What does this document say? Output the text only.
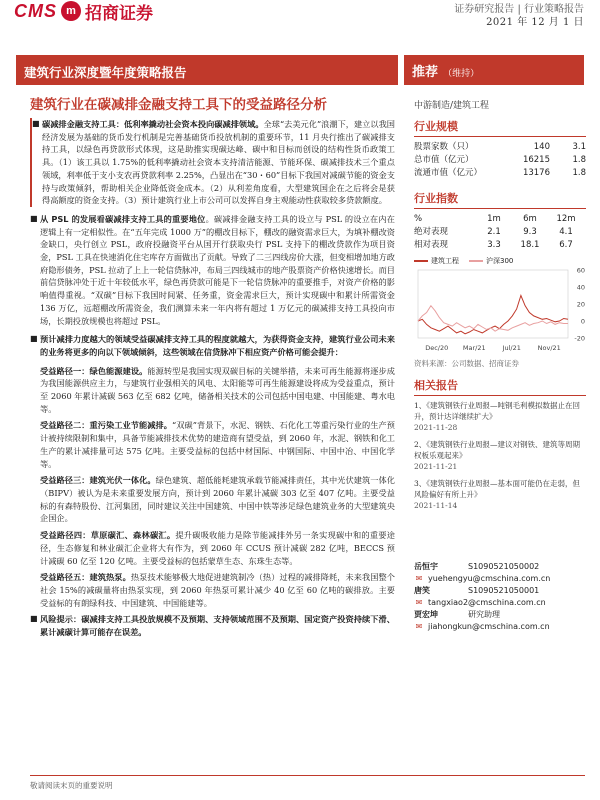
CMS m 招商证券	证券研究报告 | 行业策略报告
2021 年 12 月 1 日
建筑行业深度暨年度策略报告	推荐 （维持）
建筑行业在碳减排金融支持工具下的受益路径分析	中游制造/建筑工程
■ 碳减排金融支持工具：低利率撬动社会资本投向碳减排领域。全球“去美元化”浪潮下，建立以我国经济发展为基础的货币发行机制是完善基础货币投放机制的重要环节，11 月央行推出了碳减排支持工具，以绿色再贷款形式体现，这是助推实现碳达峰、碳中和目标而创设的结构性货币政策工具。（1）该工具以 1.75%的低利率撬动社会资本支持清洁能源、节能环保、碳减排技术三个重点领域，利率低于支小支农再贷款利率 2.25%，凸显出在“30・60”目标下我国对减碳节能的资金支持与政策倾斜，帮助相关企业降低资金成本。（2）从利差角度看，大型建筑国企在之后将会是获得高额度的资金支持。（3）预计建筑行业上市公司可以发挥自身主观能动性获取较多贷款额度。
■ 从 PSL 的发展看碳减排支持工具的重要地位。碳减排金融支持工具的设立与 PSL 的设立在内在逻辑上有一定相似性。在“五年完成 1000 万”的棚改目标下，棚改的融资需求巨大，为填补棚改资金缺口，央行创立 PSL，政府投融资平台从国开行获取央行 PSL 支持下的棚改贷款作为项目资金，PSL 工具在快速消化住宅库存方面做出了贡献。导致了二三四线房价大涨，但变相增加地方政府隐形债务，PSL 拉动了上上一轮信贷脉冲，布局三四线城市的地产股票资产价格快速增长。而目前信贷脉冲处于近十年较低水平，绿色再贷款可能是下一轮信贷脉冲的重要推手，对资产价格的影响值得重视。“双碳”目标下我国时间紧、任务重，资金需求巨大，预计实现碳中和累计所需资金 136 万亿，远超棚改所需资金，我们测算未来一年内将有超过 1 万亿元的碳减排支持工具投向市场，长期投放规模也将超过 PSL。
■ 预计减排力度越大的领域受益碳减排支持工具的程度就越大，为获得资金支持，建筑行业公司未来的业务将更多的向以下领域倾斜，这些领域在信贷脉冲下相应资产价格可能会提升：
受益路径一：绿色能源建设。能源转型是我国实现双碳目标的关键举措，未来可再生能源将逐步成为我国能源供应主力，与建筑行业强相关的风电、太阳能等可再生能源建设将成为受益重点，预计至 2060 年累计减碳 563 亿至 682 亿吨，储备相关技术的公司包括中国电建、中国能建、粤水电等。
受益路径二：重污染工业节能减排。“双碳”背景下，水泥、钢铁、石化化工等重污染行业的生产预计被持续限制和集中，具备节能减排技术优势的建造商有望受益，到 2060 年，水泥、钢铁和化工生产的累计减排量可达 575 亿吨。主要受益标的包括中材国际、中钢国际、中国中冶、中国化学等。
受益路径三：建筑光伏一体化。绿色建筑、超低能耗建筑承载节能减排责任，其中光伏建筑一体化（BIPV）被认为是未来重要发展方向，预计到 2060 年累计减碳 303 亿至 407 亿吨。主要受益标的有森特股份、江河集团，同时建议关注中国建筑、中国中铁等涉足绿色建筑业务的大型建筑央企国企。
受益路径四：草原碳汇、森林碳汇。提升碳吸收能力是除节能减排外另一条实现碳中和的重要途径，生态修复和林业碳汇企业将大有作为，到 2060 年 CCUS 预计减碳 282 亿吨，BECCS 预计减碳 60 亿至 120 亿吨。主要受益标的包括蒙草生态、东珠生态等。
受益路径五：建筑热泵。热泵技术能够极大地促进建筑制冷（热）过程的减排降耗，未来我国整个社会 15%的减碳量将由热泵实现，到 2060 年热泵可累计减少 40 亿至 60 亿吨的碳排放。主要受益标的有朗绿科技、中国建筑、中国能建等。
■ 风险提示：碳减排支持工具投放规模不及预期、支持领域范围不及预期、国定资产投资持续下滑、累计减碳计算可能存在误差。
行业规模
股票家数（只）	140	3.1
总市值（亿元）	16215	1.8
流通市值（亿元）	13176	1.8
行业指数
%	1m	6m	12m
绝对表现	2.1	9.3	4.1
相对表现	3.3	18.1	6.7
建筑工程	沪深300
60
40
20
0
-20
Dec/20 Mar/21	Jul/21	Nov/21
资料来源：公司数据、招商证券
相关报告
1、《建筑钢铁行业周报—吨钢毛利模拟数据止在回升，预计达详继续扩大》
2021-11-28
2、《建筑钢铁行业周报—建议对钢铁、建筑等周期权板乐观起来》
2021-11-21
3、《建筑钢铁行业周报—基本面可能仍在走弱，但风险偏好有所上升》
2021-11-14
岳恒宇	S1090521050002
✉ yuehengyu@cmschina.com.cn
唐笑	S1090521050001
✉ tangxiao2@cmschina.com.cn
贾宏坤	研究助理
✉ jiahongkun@cmschina.com.cn
敬请阅读末页的重要说明
